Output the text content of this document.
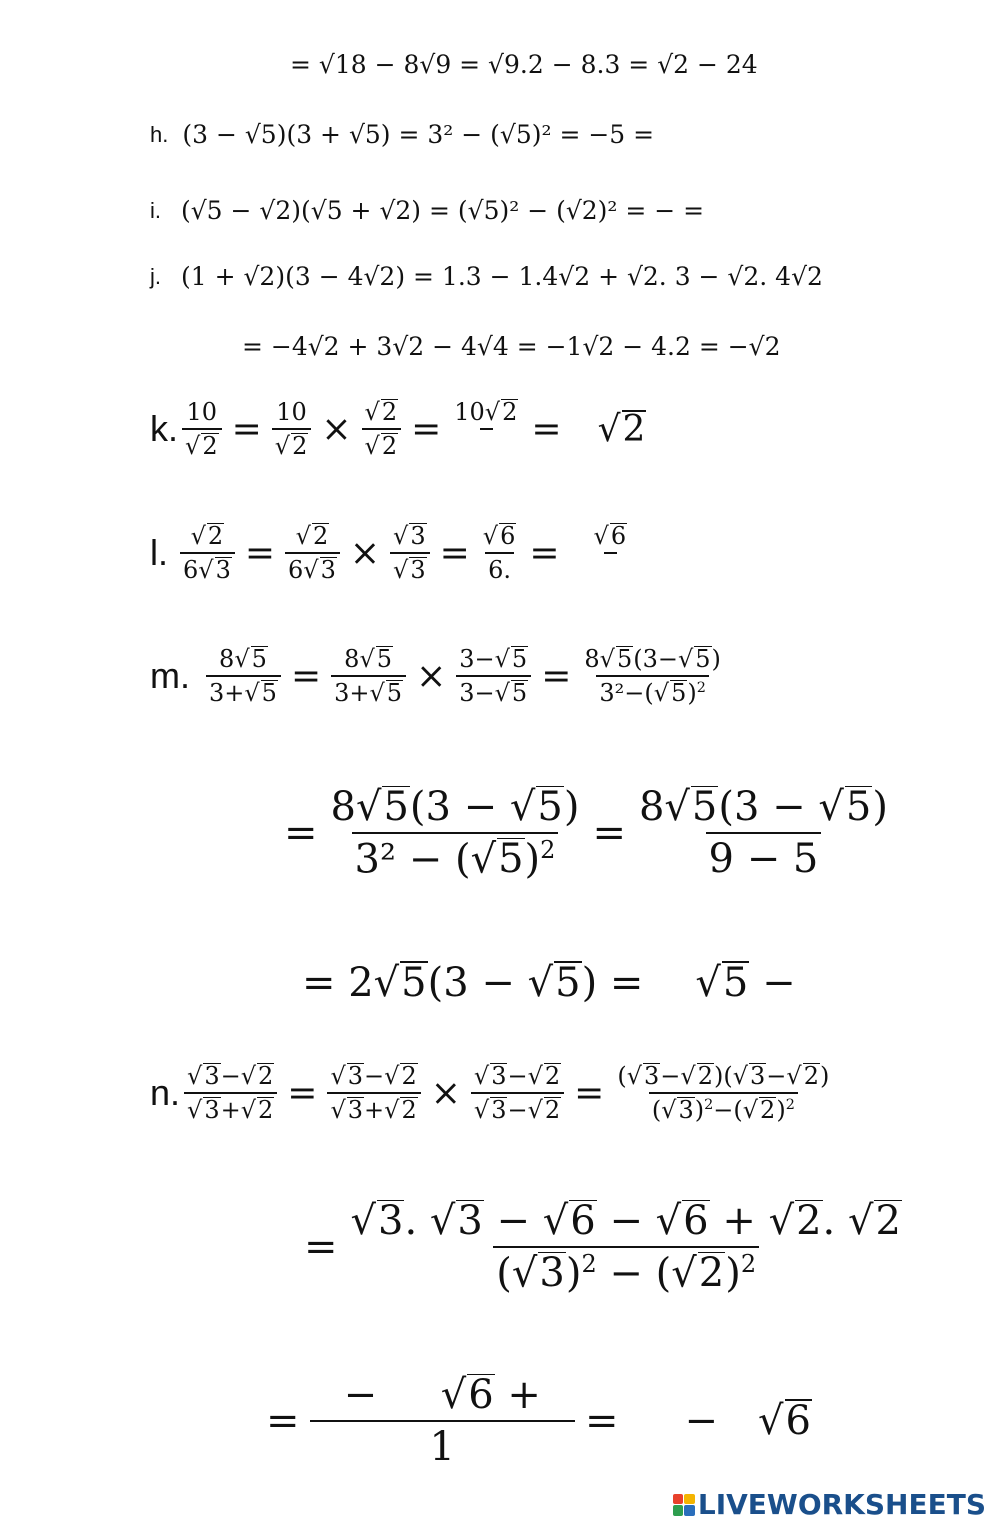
= √18 − 8√9 = √9.2 − 8.3 = √2 − 24
h. (3 − √5)(3 + √5) = 3² − (√5)² = −5 =
i. (√5 − √2)(√5 + √2) = (√5)² − (√2)² = − =
j. (1 + √2)(3 − 4√2) = 1.3 − 1.4√2 + √2. 3 − √2. 4√2
= −4√2 + 3√2 − 4√4 = −1√2 − 4.2 = −√2
k. $\frac{10}{√2} = \frac{10}{√2} \times \frac{√2}{√2} = 10√2$
= √2
l. $\frac{√2}{6√3} = \frac{√2}{6√3} \times \frac{√3}{√3} = \frac{√6}{6.}$ =	√6

m. $\frac{8√5}{3+√5} = \frac{8√5}{3+√5} \times \frac{3-√5}{3-√5} = \frac{8√5(3-√5)}{3^2-(√5)^2}$
= $\frac{8√5(3 - √5)}{3^2 - (√5)^2} = \frac{8√5(3 - √5)}{9 - 5}$
= 2√5(3 − √5) = √5 −
n. $\frac{√3-√2}{√3+√2} = \frac{√3-√2}{√3+√2} \times \frac{√3-√2}{√3-√2} = \frac{(√3-√2)(√3-√2)}{(√3)^2-(√2)^2}$
= $\frac{√3. √3 - √6 - √6 + √2. √2}{(√3)^2 - (√2)^2}$
= $\frac{- √6 +}{1}$ = − √6
LIVEWORKSHEETS
